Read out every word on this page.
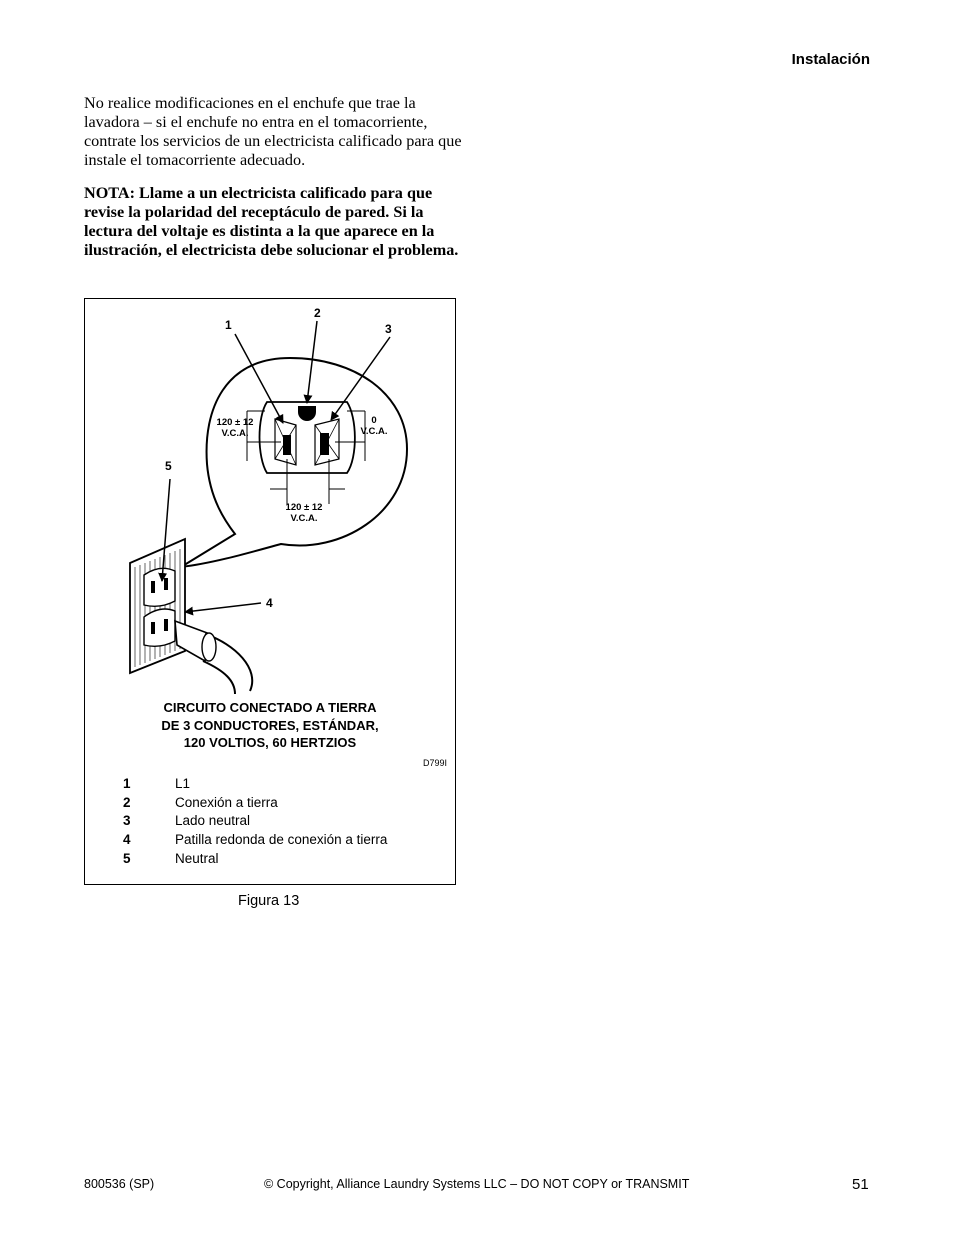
Instalación

No realice modificaciones en el enchufe que trae la lavadora – si el enchufe no entra en el tomacorriente, contrate los servicios de un electricista calificado para que instale el tomacorriente adecuado.

NOTA: Llame a un electricista calificado para que revise la polaridad del receptáculo de pared. Si la lectura del voltaje es distinta a la que aparece en la ilustración, el electricista debe solucionar el problema.

1
2
3
5
4
120 ± 12
V.C.A.
0
V.C.A.
120 ± 12
V.C.A.
CIRCUITO CONECTADO A TIERRA
DE 3 CONDUCTORES, ESTÁNDAR,
120 VOLTIOS, 60 HERTZIOS
D799I
1	L1
2	Conexión a tierra
3	Lado neutral
4	Patilla redonda de conexión a tierra
5	Neutral
Figura 13
800536 (SP)	© Copyright, Alliance Laundry Systems LLC – DO NOT COPY or TRANSMIT	51
